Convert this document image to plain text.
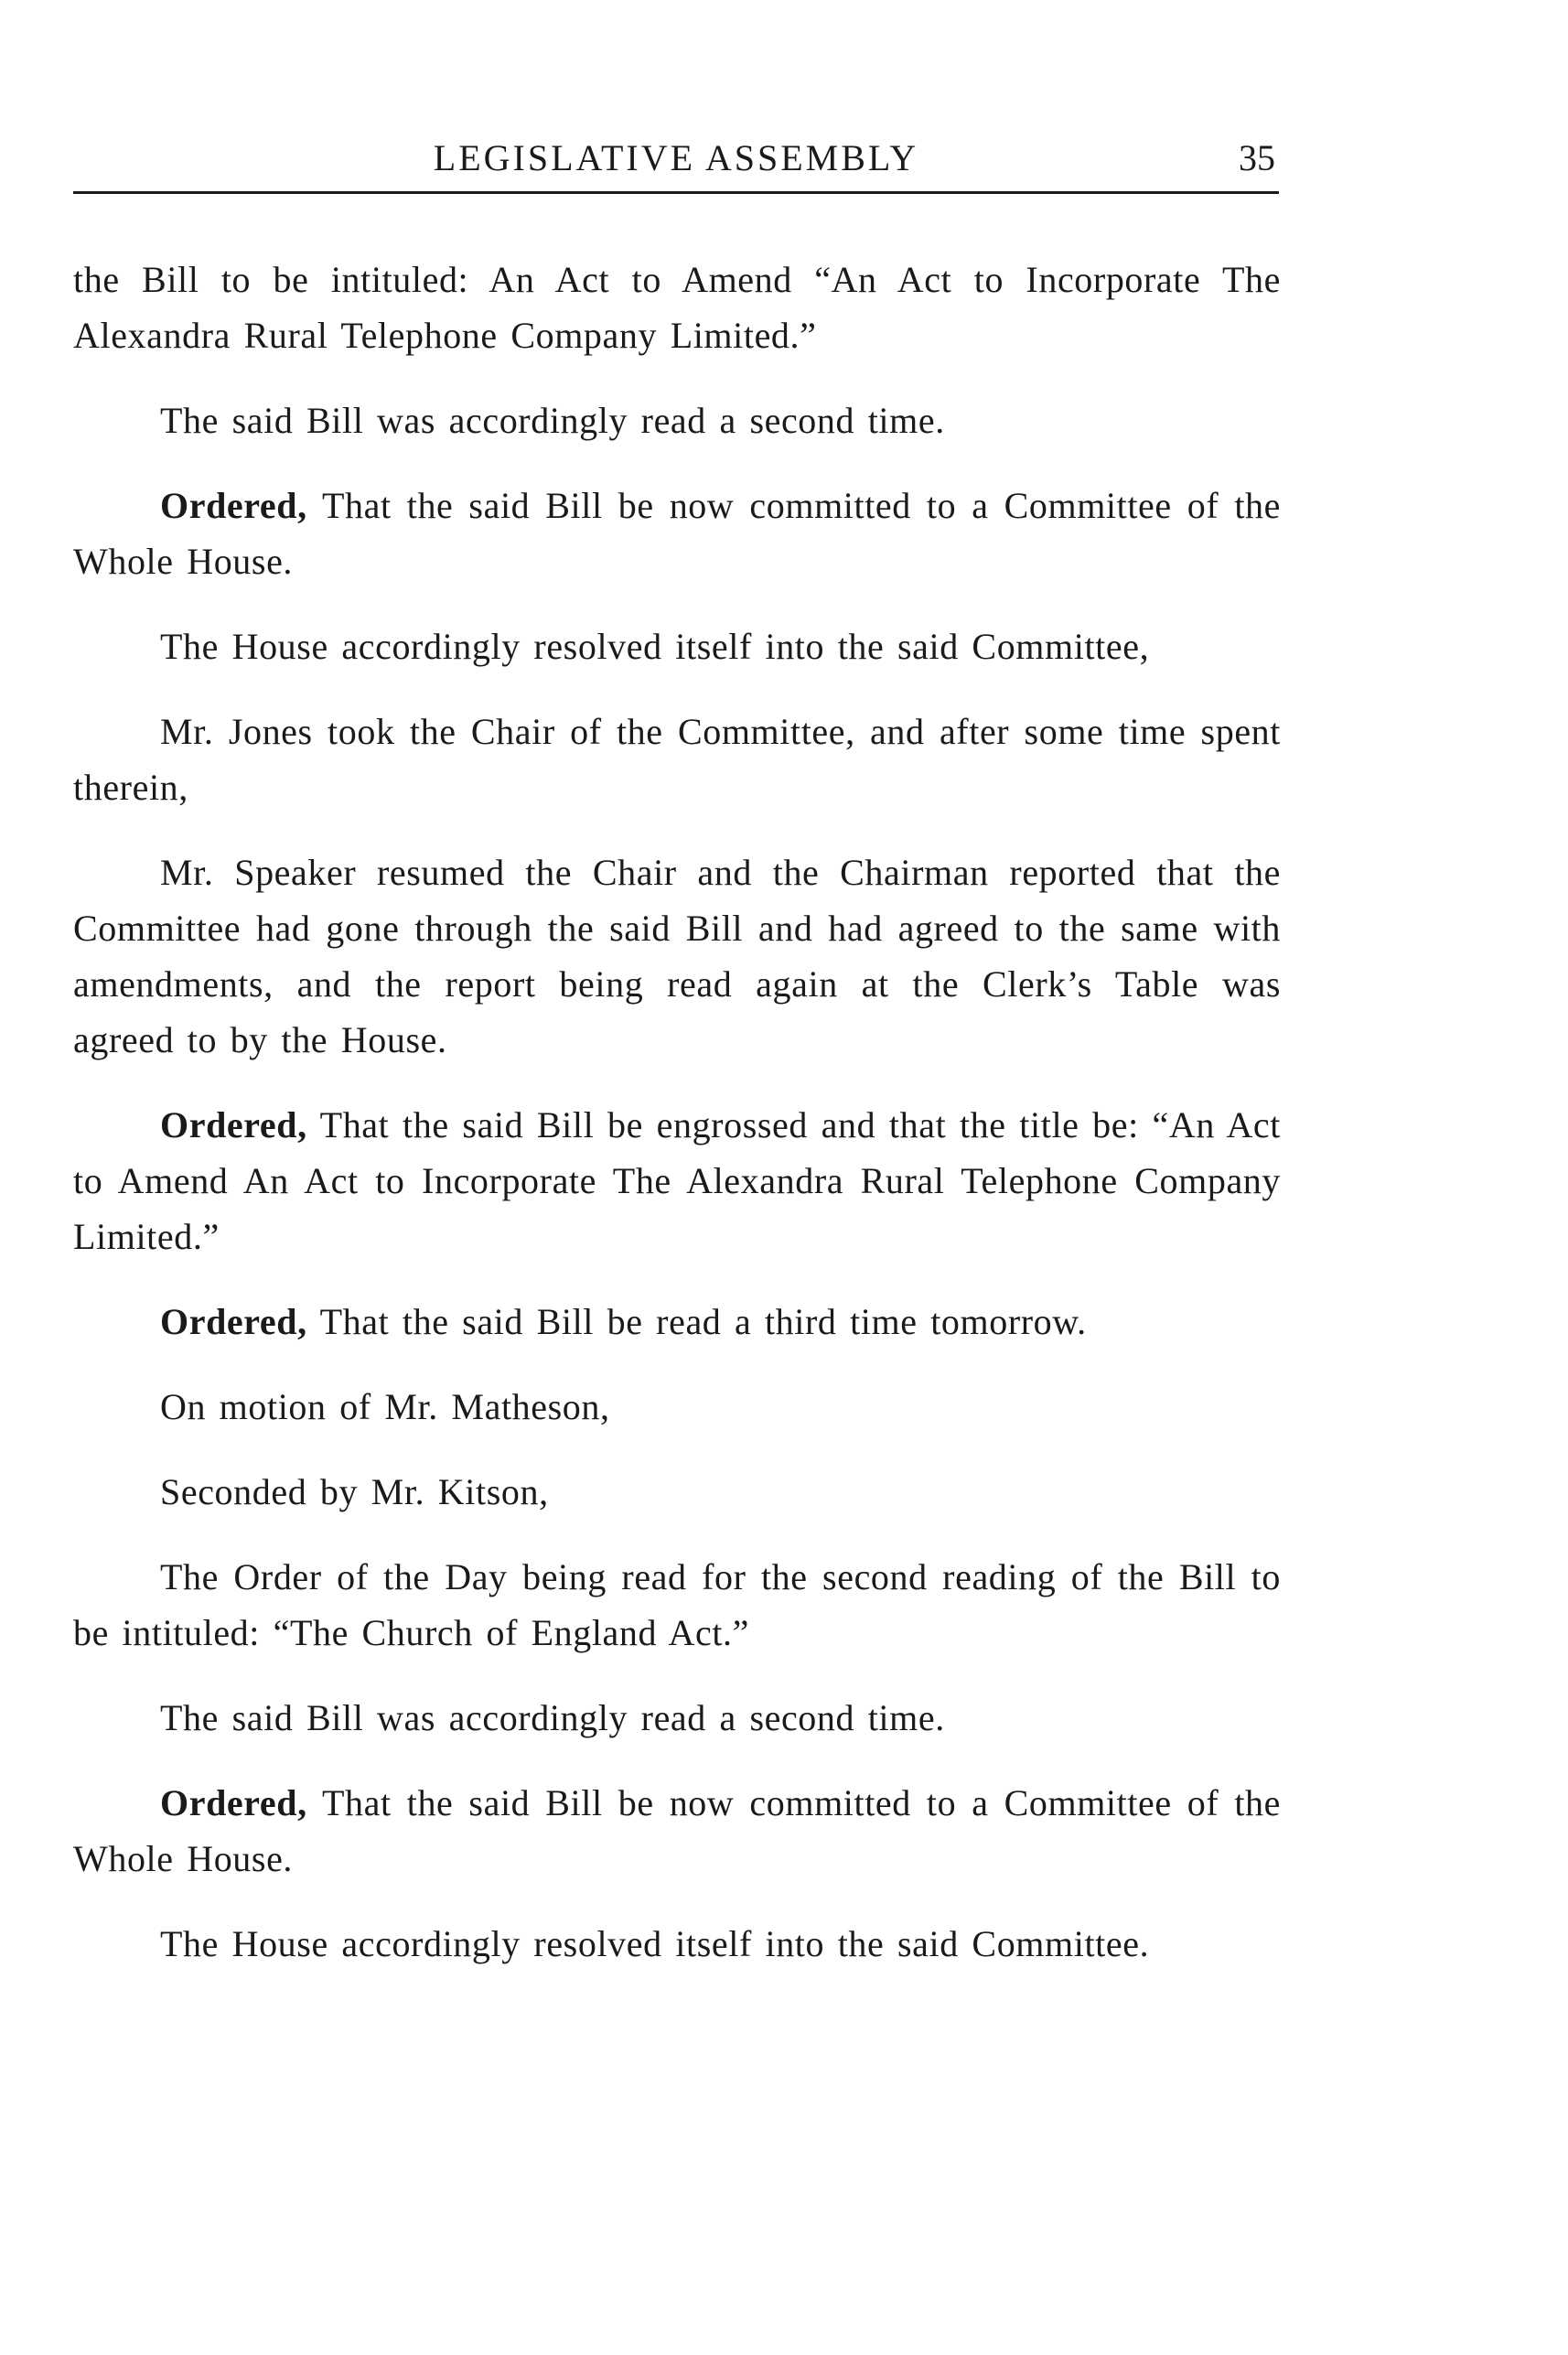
LEGISLATIVE ASSEMBLY	35

the Bill to be intituled: An Act to Amend “An Act to Incorporate The Alexandra Rural Telephone Company Limited.”

The said Bill was accordingly read a second time.

Ordered, That the said Bill be now committed to a Committee of the Whole House.

The House accordingly resolved itself into the said Committee,

Mr. Jones took the Chair of the Committee, and after some time spent therein,

Mr. Speaker resumed the Chair and the Chairman reported that the Committee had gone through the said Bill and had agreed to the same with amendments, and the report being read again at the Clerk’s Table was agreed to by the House.

Ordered, That the said Bill be engrossed and that the title be: “An Act to Amend An Act to Incorporate The Alexandra Rural Telephone Company Limited.”

Ordered, That the said Bill be read a third time tomorrow.

On motion of Mr. Matheson,

Seconded by Mr. Kitson,

The Order of the Day being read for the second reading of the Bill to be intituled: “The Church of England Act.”

The said Bill was accordingly read a second time.

Ordered, That the said Bill be now committed to a Committee of the Whole House.

The House accordingly resolved itself into the said Committee.
